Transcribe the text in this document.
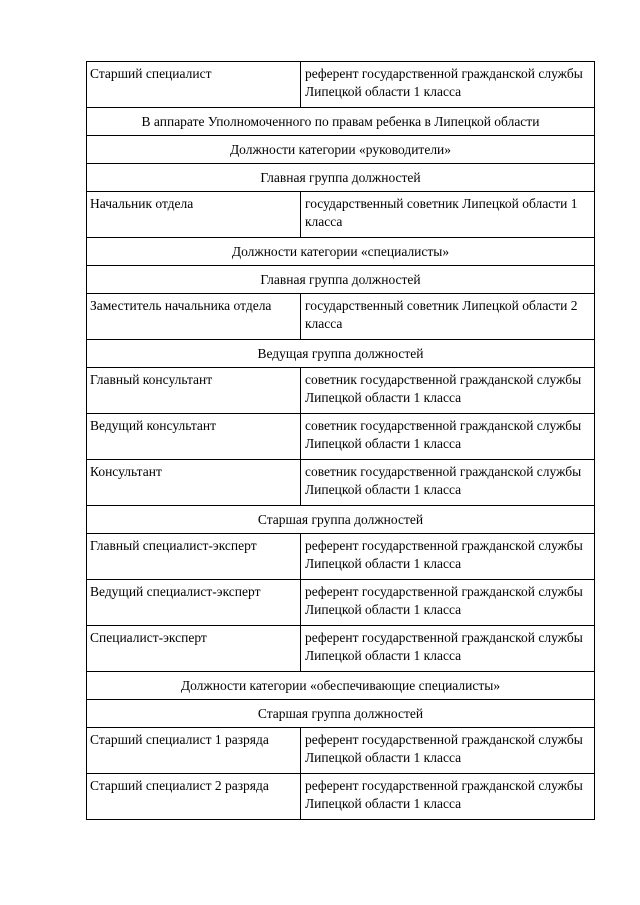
Старший специалист	референт государственной гражданской службы Липецкой области 1 класса
В аппарате Уполномоченного по правам ребенка в Липецкой области	
Должности категории «руководители»	
Главная группа должностей	
Начальник отдела	государственный советник Липецкой области 1 класса
Должности категории «специалисты»	
Главная группа должностей	
Заместитель начальника отдела	государственный советник Липецкой области 2 класса
Ведущая группа должностей	
Главный консультант	советник государственной гражданской службы Липецкой области 1 класса
Ведущий консультант	советник государственной гражданской службы Липецкой области 1 класса
Консультант	советник государственной гражданской службы Липецкой области 1 класса
Старшая группа должностей	
Главный специалист-эксперт	референт государственной гражданской службы Липецкой области 1 класса
Ведущий специалист-эксперт	референт государственной гражданской службы Липецкой области 1 класса
Специалист-эксперт	референт государственной гражданской службы Липецкой области 1 класса
Должности категории «обеспечивающие специалисты»	
Старшая группа должностей	
Старший специалист 1 разряда	референт государственной гражданской службы Липецкой области 1 класса
Старший специалист 2 разряда	референт государственной гражданской службы Липецкой области 1 класса
